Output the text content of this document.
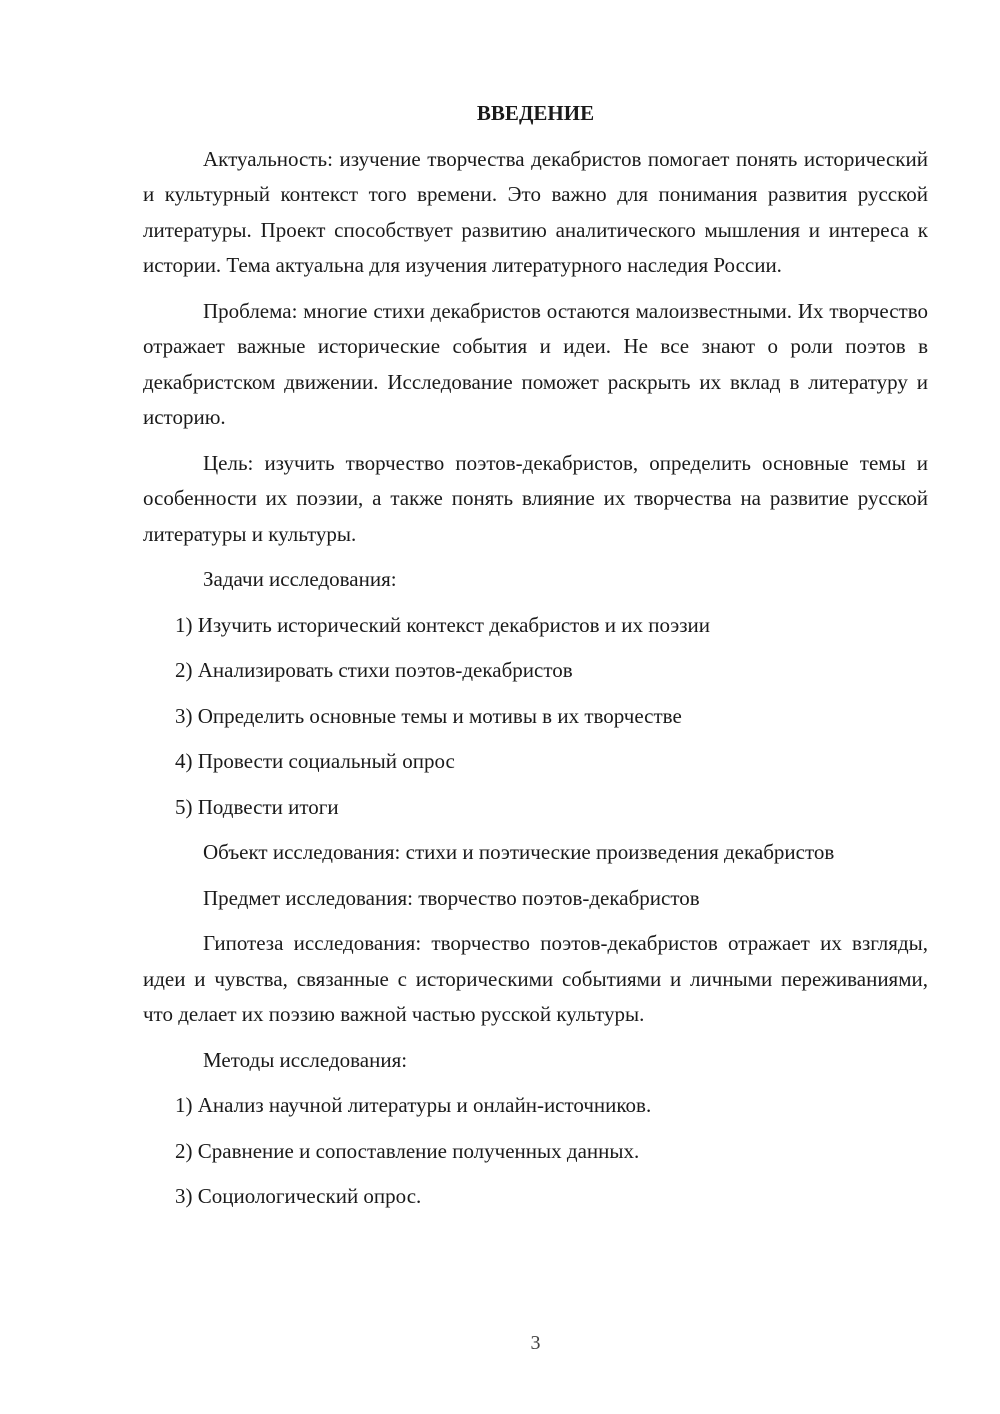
ВВЕДЕНИЕ
Актуальность: изучение творчества декабристов помогает понять исторический и культурный контекст того времени. Это важно для понимания развития русской литературы. Проект способствует развитию аналитического мышления и интереса к истории. Тема актуальна для изучения литературного наследия России.
Проблема: многие стихи декабристов остаются малоизвестными. Их творчество отражает важные исторические события и идеи. Не все знают о роли поэтов в декабристском движении. Исследование поможет раскрыть их вклад в литературу и историю.
Цель: изучить творчество поэтов-декабристов, определить основные темы и особенности их поэзии, а также понять влияние их творчества на развитие русской литературы и культуры.
Задачи исследования:
1) Изучить исторический контекст декабристов и их поэзии
2) Анализировать стихи поэтов-декабристов
3) Определить основные темы и мотивы в их творчестве
4) Провести социальный опрос
5) Подвести итоги
Объект исследования: стихи и поэтические произведения декабристов
Предмет исследования: творчество поэтов-декабристов
Гипотеза исследования: творчество поэтов-декабристов отражает их взгляды, идеи и чувства, связанные с историческими событиями и личными переживаниями, что делает их поэзию важной частью русской культуры.
Методы исследования:
1) Анализ научной литературы и онлайн-источников.
2) Сравнение и сопоставление полученных данных.
3) Социологический опрос.
3
